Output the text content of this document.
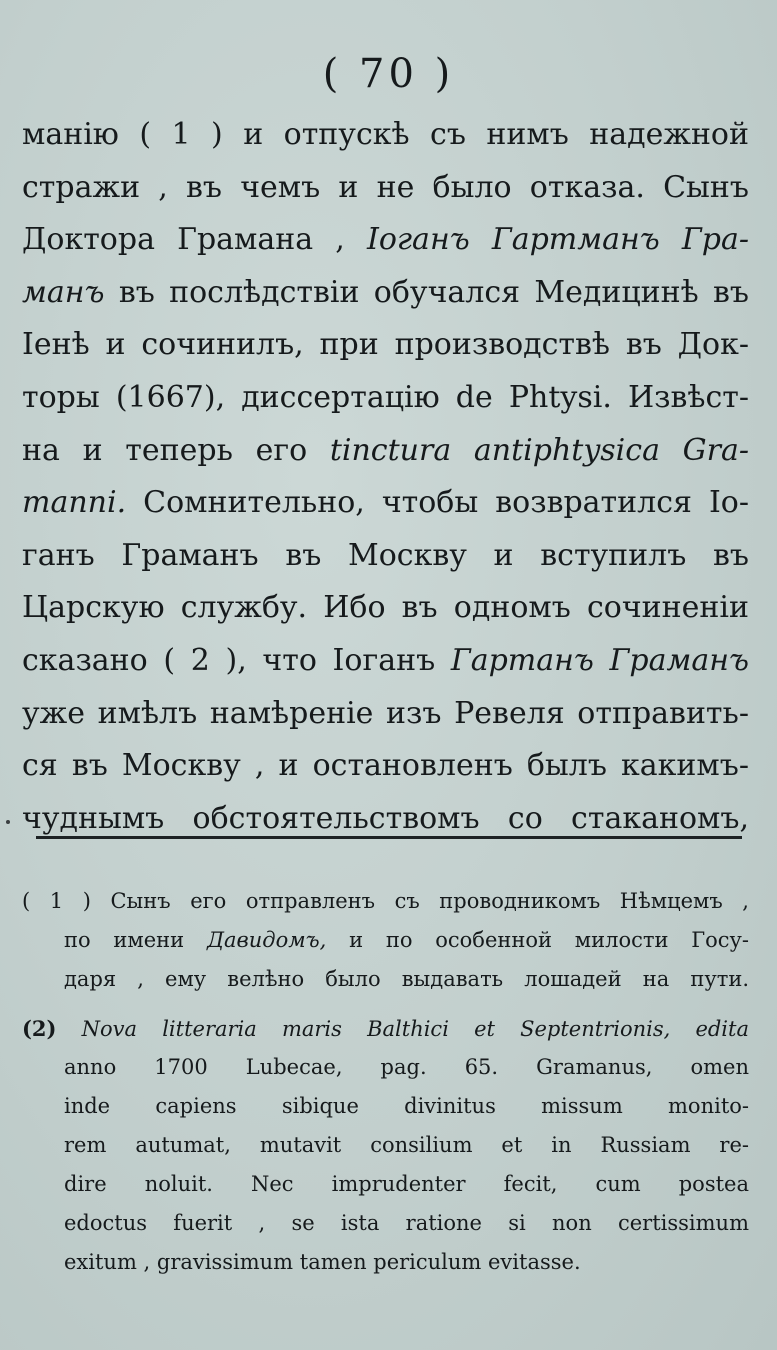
( 70 )
манію ( 1 ) и отпускѣ съ нимъ надежной
стражи , въ чемъ и не было отказа. Сынъ
Доктора Грамана , Іоганъ Гартманъ Гра-
манъ въ послѣдствіи обучался Медицинѣ въ
Іенѣ и сочинилъ, при производствѣ въ Док-
торы (1667), диссертацію de Phtysi. Извѣст-
на и теперь его tinctura antiphtysica Gra-
manni. Сомнительно, чтобы возвратился Іо-
ганъ Граманъ въ Москву и вступилъ въ
Царскую службу. Ибо въ одномъ сочиненіи
сказано ( 2 ), что Іоганъ Гартанъ Граманъ
уже имѣлъ намѣреніе изъ Ревеля отправить-
ся въ Москву , и остановленъ былъ какимъ-
чуднымъ обстоятельствомъ со стаканомъ,
( 1 ) Сынъ его отправленъ съ проводникомъ Нѣмцемъ ,
по имени Давидомъ, и по особенной милости Госу-
даря , ему велѣно было выдавать лошадей на пути.
(2) Nova litteraria maris Balthici et Septentrionis, edita
anno 1700 Lubecae, pag. 65. Gramanus, omen
inde capiens sibique divinitus missum monito-
rem autumat, mutavit consilium et in Russiam re-
dire noluit. Nec imprudenter fecit, cum postea
edoctus fuerit , se ista ratione si non certissimum
exitum , gravissimum tamen periculum evitasse.
